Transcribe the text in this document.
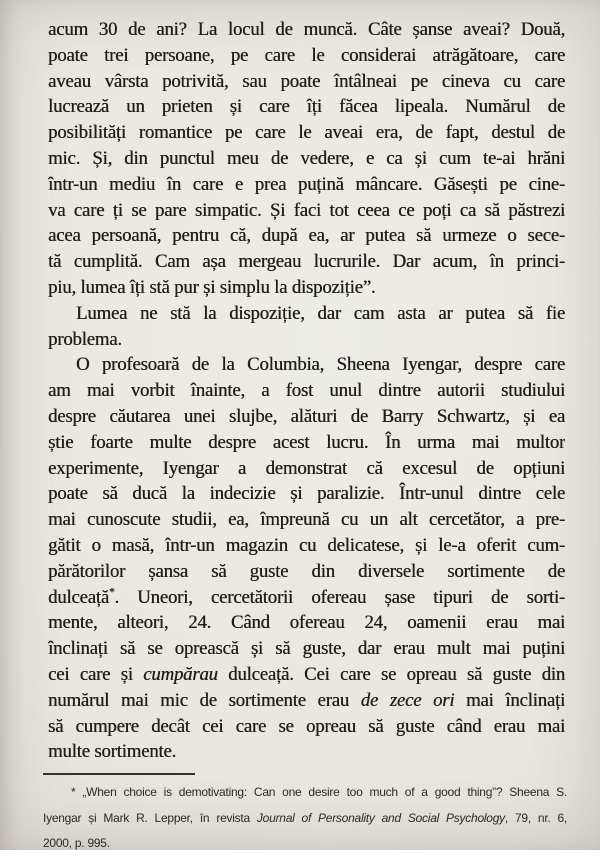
acum 30 de ani? La locul de muncă. Câte șanse aveai? Două,
poate trei persoane, pe care le considerai atrăgătoare, care
aveau vârsta potrivită, sau poate întâlneai pe cineva cu care
lucrează un prieten și care îți făcea lipeala. Numărul de
posibilități romantice pe care le aveai era, de fapt, destul de
mic. Și, din punctul meu de vedere, e ca și cum te-ai hrăni
într-un mediu în care e prea puțină mâncare. Găsești pe cine-
va care ți se pare simpatic. Și faci tot ceea ce poți ca să păstrezi
acea persoană, pentru că, după ea, ar putea să urmeze o sece-
tă cumplită. Cam așa mergeau lucrurile. Dar acum, în princi-
piu, lumea îți stă pur și simplu la dispoziție”.
Lumea ne stă la dispoziție, dar cam asta ar putea să fie
problema.
O profesoară de la Columbia, Sheena Iyengar, despre care
am mai vorbit înainte, a fost unul dintre autorii studiului
despre căutarea unei slujbe, alături de Barry Schwartz, și ea
știe foarte multe despre acest lucru. În urma mai multor
experimente, Iyengar a demonstrat că excesul de opțiuni
poate să ducă la indecizie și paralizie. Într-unul dintre cele
mai cunoscute studii, ea, împreună cu un alt cercetător, a pre-
gătit o masă, într-un magazin cu delicatese, și le-a oferit cum-
părătorilor șansa să guste din diversele sortimente de
dulceață*. Uneori, cercetătorii ofereau șase tipuri de sorti-
mente, alteori, 24. Când ofereau 24, oamenii erau mai
înclinați să se oprească și să guste, dar erau mult mai puțini
cei care și cumpărau dulceață. Cei care se opreau să guste din
numărul mai mic de sortimente erau de zece ori mai înclinați
să cumpere decât cei care se opreau să guste când erau mai
multe sortimente.
* „When choice is demotivating: Can one desire too much of a good thing”? Sheena S.
Iyengar și Mark R. Lepper, în revista Journal of Personality and Social Psychology, 79, nr. 6,
2000, p. 995.
